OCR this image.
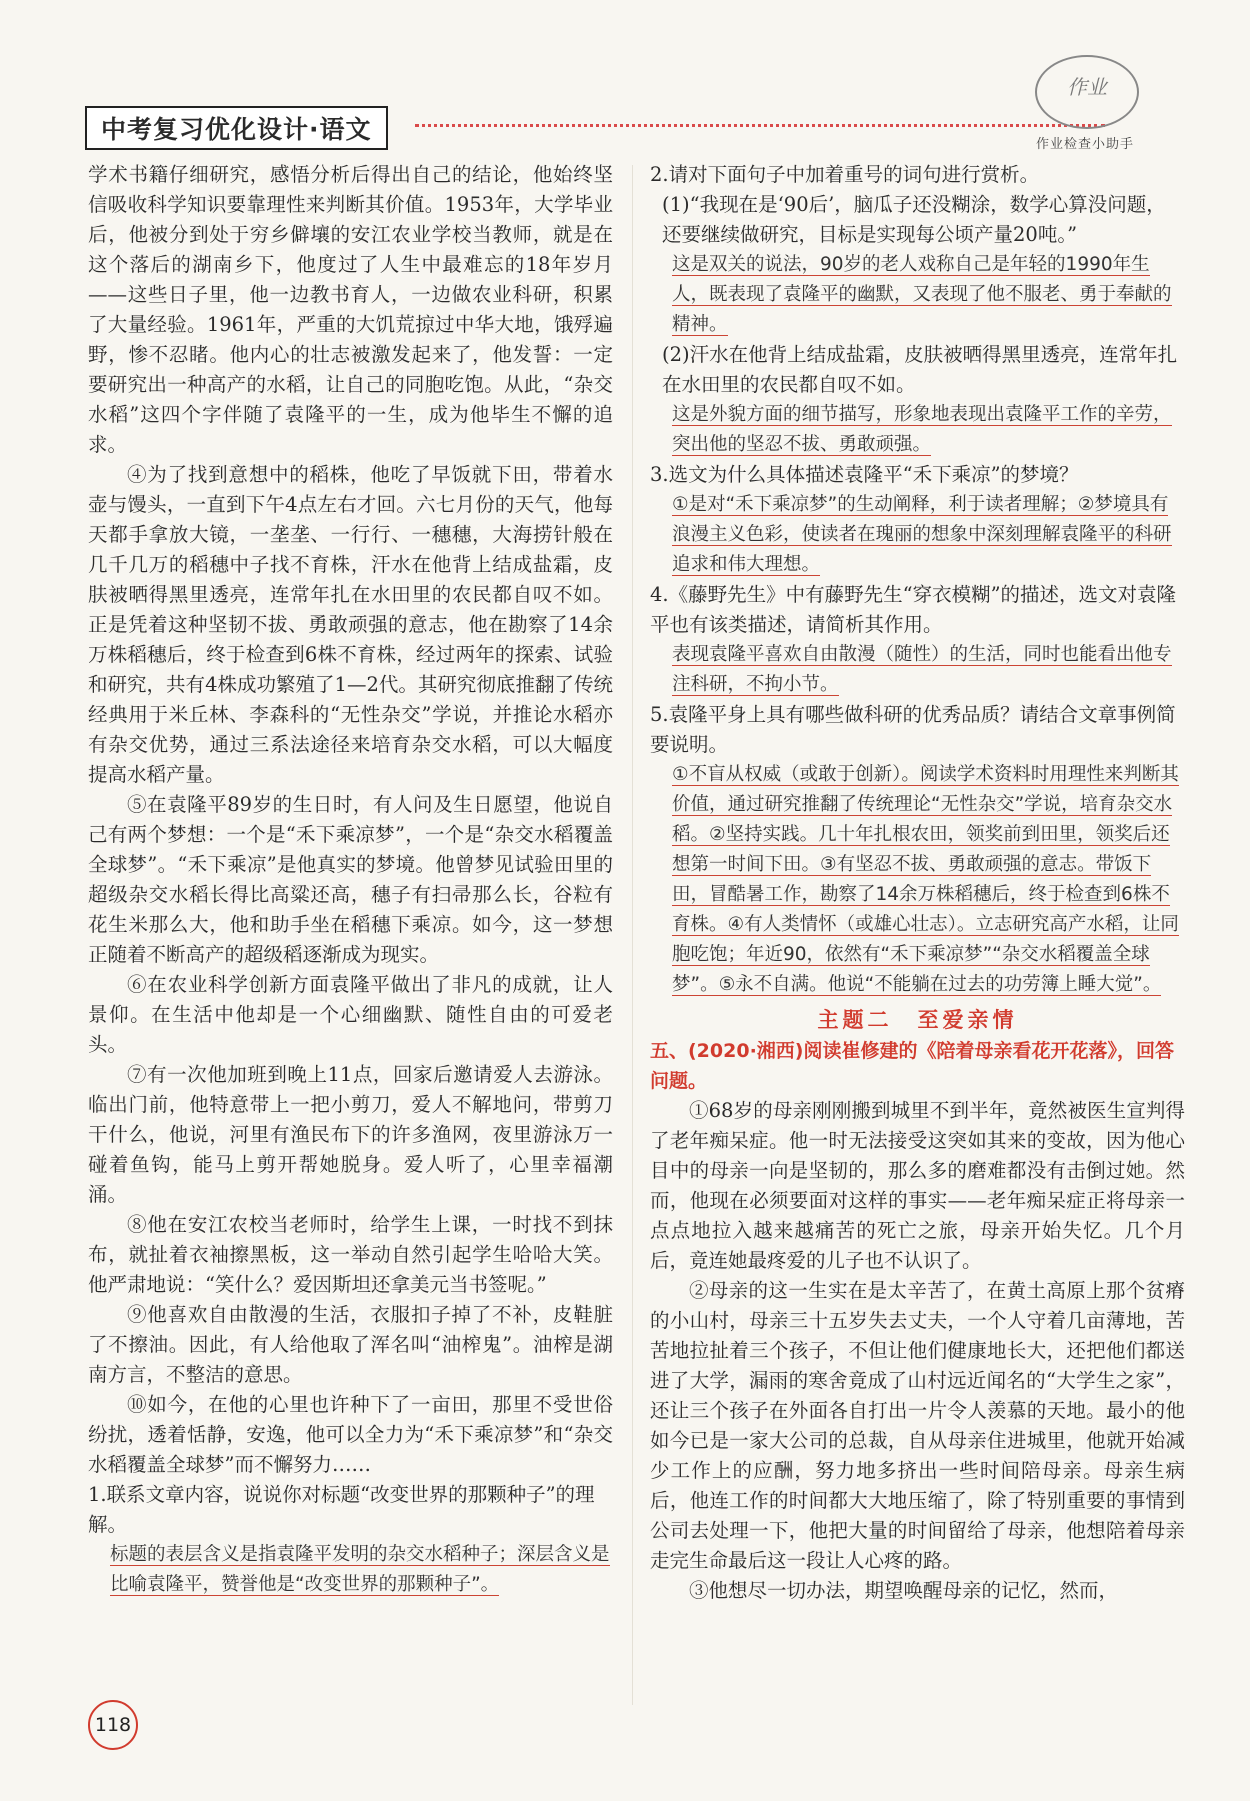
中考复习优化设计·语文
作业
作业检查小助手

学术书籍仔细研究，感悟分析后得出自己的结论，他始终坚信吸收科学知识要靠理性来判断其价值。1953年，大学毕业后，他被分到处于穷乡僻壤的安江农业学校当教师，就是在这个落后的湖南乡下，他度过了人生中最难忘的18年岁月——这些日子里，他一边教书育人，一边做农业科研，积累了大量经验。1961年，严重的大饥荒掠过中华大地，饿殍遍野，惨不忍睹。他内心的壮志被激发起来了，他发誓：一定要研究出一种高产的水稻，让自己的同胞吃饱。从此，“杂交水稻”这四个字伴随了袁隆平的一生，成为他毕生不懈的追求。

④为了找到意想中的稻株，他吃了早饭就下田，带着水壶与馒头，一直到下午4点左右才回。六七月份的天气，他每天都手拿放大镜，一垄垄、一行行、一穗穗，大海捞针般在几千几万的稻穗中子找不育株，汗水在他背上结成盐霜，皮肤被晒得黑里透亮，连常年扎在水田里的农民都自叹不如。正是凭着这种坚韧不拔、勇敢顽强的意志，他在勘察了14余万株稻穗后，终于检查到6株不育株，经过两年的探索、试验和研究，共有4株成功繁殖了1—2代。其研究彻底推翻了传统经典用于米丘林、李森科的“无性杂交”学说，并推论水稻亦有杂交优势，通过三系法途径来培育杂交水稻，可以大幅度提高水稻产量。

⑤在袁隆平89岁的生日时，有人问及生日愿望，他说自己有两个梦想：一个是“禾下乘凉梦”，一个是“杂交水稻覆盖全球梦”。“禾下乘凉”是他真实的梦境。他曾梦见试验田里的超级杂交水稻长得比高粱还高，穗子有扫帚那么长，谷粒有花生米那么大，他和助手坐在稻穗下乘凉。如今，这一梦想正随着不断高产的超级稻逐渐成为现实。

⑥在农业科学创新方面袁隆平做出了非凡的成就，让人景仰。在生活中他却是一个心细幽默、随性自由的可爱老头。

⑦有一次他加班到晚上11点，回家后邀请爱人去游泳。临出门前，他特意带上一把小剪刀，爱人不解地问，带剪刀干什么，他说，河里有渔民布下的许多渔网，夜里游泳万一碰着鱼钩，能马上剪开帮她脱身。爱人听了，心里幸福潮涌。

⑧他在安江农校当老师时，给学生上课，一时找不到抹布，就扯着衣袖擦黑板，这一举动自然引起学生哈哈大笑。他严肃地说：“笑什么？爱因斯坦还拿美元当书签呢。”

⑨他喜欢自由散漫的生活，衣服扣子掉了不补，皮鞋脏了不擦油。因此，有人给他取了浑名叫“油榨鬼”。油榨是湖南方言，不整洁的意思。

⑩如今，在他的心里也许种下了一亩田，那里不受世俗纷扰，透着恬静，安逸，他可以全力为“禾下乘凉梦”和“杂交水稻覆盖全球梦”而不懈努力……

1.联系文章内容，说说你对标题“改变世界的那颗种子”的理解。

标题的表层含义是指袁隆平发明的杂交水稻种子；深层含义是比喻袁隆平，赞誉他是“改变世界的那颗种子”。

2.请对下面句子中加着重号的词句进行赏析。

(1)“我现在是‘90后’，脑瓜子还没糊涂，数学心算没问题，还要继续做研究，目标是实现每公顷产量20吨。”

这是双关的说法，90岁的老人戏称自己是年轻的1990年生人，既表现了袁隆平的幽默，又表现了他不服老、勇于奉献的精神。

(2)汗水在他背上结成盐霜，皮肤被晒得黑里透亮，连常年扎在水田里的农民都自叹不如。

这是外貌方面的细节描写，形象地表现出袁隆平工作的辛劳，突出他的坚忍不拔、勇敢顽强。

3.选文为什么具体描述袁隆平“禾下乘凉”的梦境？

①是对“禾下乘凉梦”的生动阐释，利于读者理解；②梦境具有浪漫主义色彩，使读者在瑰丽的想象中深刻理解袁隆平的科研追求和伟大理想。

4.《藤野先生》中有藤野先生“穿衣模糊”的描述，选文对袁隆平也有该类描述，请简析其作用。

表现袁隆平喜欢自由散漫（随性）的生活，同时也能看出他专注科研，不拘小节。

5.袁隆平身上具有哪些做科研的优秀品质？请结合文章事例简要说明。

①不盲从权威（或敢于创新）。阅读学术资料时用理性来判断其价值，通过研究推翻了传统理论“无性杂交”学说，培育杂交水稻。②坚持实践。几十年扎根农田，领奖前到田里，领奖后还想第一时间下田。③有坚忍不拔、勇敢顽强的意志。带饭下田，冒酷暑工作，勘察了14余万株稻穗后，终于检查到6株不育株。④有人类情怀（或雄心壮志）。立志研究高产水稻，让同胞吃饱；年近90，依然有“禾下乘凉梦”“杂交水稻覆盖全球梦”。⑤永不自满。他说“不能躺在过去的功劳簿上睡大觉”。

主题二　至爱亲情

五、(2020·湘西)阅读崔修建的《陪着母亲看花开花落》，回答问题。

①68岁的母亲刚刚搬到城里不到半年，竟然被医生宣判得了老年痴呆症。他一时无法接受这突如其来的变故，因为他心目中的母亲一向是坚韧的，那么多的磨难都没有击倒过她。然而，他现在必须要面对这样的事实——老年痴呆症正将母亲一点点地拉入越来越痛苦的死亡之旅，母亲开始失忆。几个月后，竟连她最疼爱的儿子也不认识了。

②母亲的这一生实在是太辛苦了，在黄土高原上那个贫瘠的小山村，母亲三十五岁失去丈夫，一个人守着几亩薄地，苦苦地拉扯着三个孩子，不但让他们健康地长大，还把他们都送进了大学，漏雨的寒舍竟成了山村远近闻名的“大学生之家”，还让三个孩子在外面各自打出一片令人羡慕的天地。最小的他如今已是一家大公司的总裁，自从母亲住进城里，他就开始减少工作上的应酬，努力地多挤出一些时间陪母亲。母亲生病后，他连工作的时间都大大地压缩了，除了特别重要的事情到公司去处理一下，他把大量的时间留给了母亲，他想陪着母亲走完生命最后这一段让人心疼的路。

③他想尽一切办法，期望唤醒母亲的记忆，然而，

118
